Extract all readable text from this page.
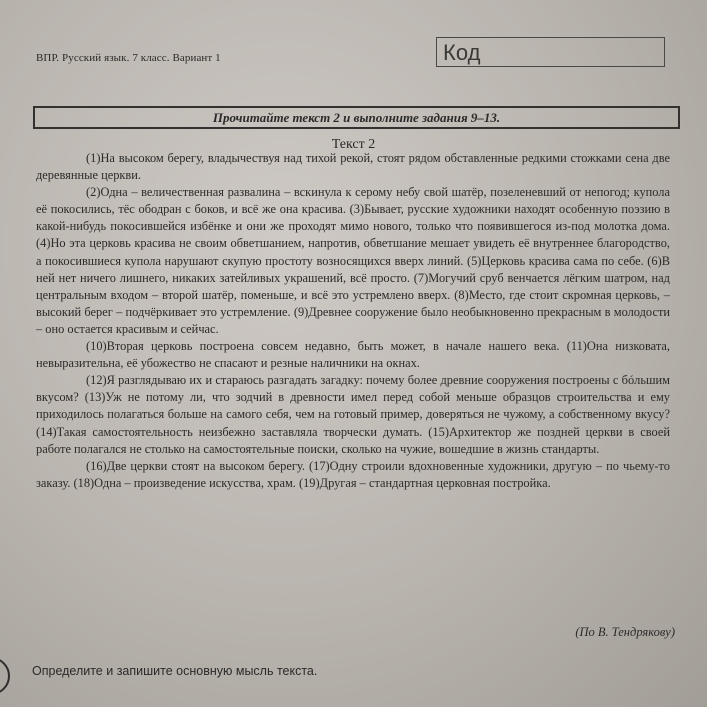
ВПР. Русский язык. 7 класс. Вариант 1	Код
Прочитайте текст 2 и выполните задания 9–13.
Текст 2

(1)На высоком берегу, владычествуя над тихой рекой, стоят рядом обставленные редкими стожками сена две деревянные церкви.

(2)Одна – величественная развалина – вскинула к серому небу свой шатёр, позеленевший от непогод; купола её покосились, тёс ободран с боков, и всё же она красива. (3)Бывает, русские художники находят особенную поэзию в какой-нибудь покосившейся избёнке и они же проходят мимо нового, только что появившегося из-под молотка дома. (4)Но эта церковь красива не своим обветшанием, напротив, обветшание мешает увидеть её внутреннее благородство, а покосившиеся купола нарушают скупую простоту возносящихся вверх линий. (5)Церковь красива сама по себе. (6)В ней нет ничего лишнего, никаких затейливых украшений, всё просто. (7)Могучий сруб венчается лёгким шатром, над центральным входом – второй шатёр, поменьше, и всё это устремлено вверх. (8)Место, где стоит скромная церковь, – высокий берег – подчёркивает это устремление. (9)Древнее сооружение было необыкновенно прекрасным в молодости – оно остается красивым и сейчас.

(10)Вторая церковь построена совсем недавно, быть может, в начале нашего века. (11)Она низковата, невыразительна, её убожество не спасают и резные наличники на окнах.

(12)Я разглядываю их и стараюсь разгадать загадку: почему более древние сооружения построены с бóльшим вкусом? (13)Уж не потому ли, что зодчий в древности имел перед собой меньше образцов строительства и ему приходилось полагаться больше на самого себя, чем на готовый пример, доверяться не чужому, а собственному вкусу? (14)Такая самостоятельность неизбежно заставляла творчески думать. (15)Архитектор же поздней церкви в своей работе полагался не столько на самостоятельные поиски, сколько на чужие, вошедшие в жизнь стандарты.

(16)Две церкви стоят на высоком берегу. (17)Одну строили вдохновенные художники, другую – по чьему-то заказу. (18)Одна – произведение искусства, храм. (19)Другая – стандартная церковная постройка.

(По В. Тендрякову)
Определите и запишите основную мысль текста.
